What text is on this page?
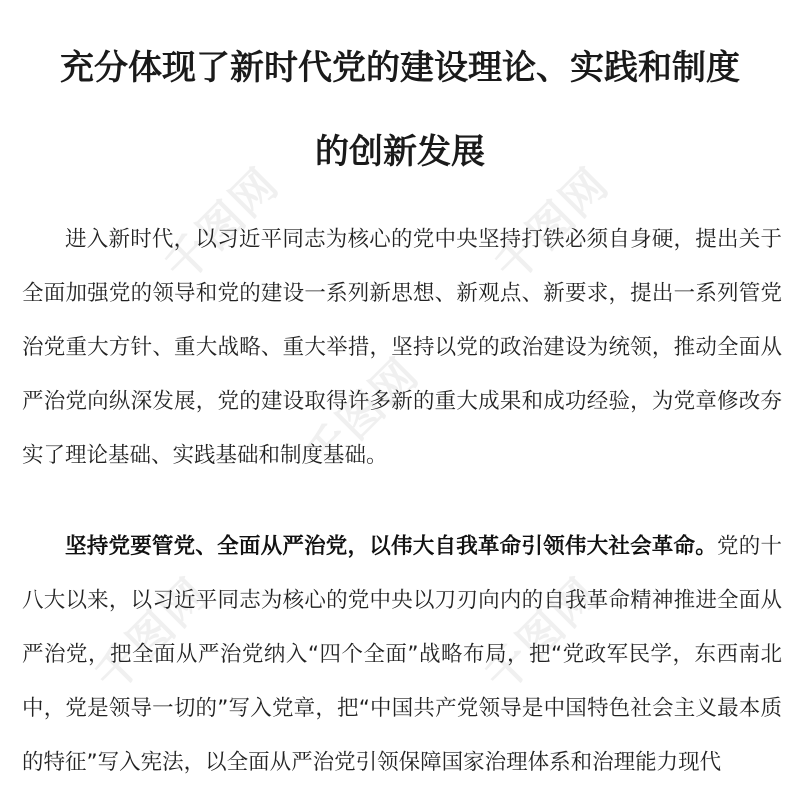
千图网	千图网
千图网
千图网	千图网
充分体现了新时代党的建设理论、实践和制度
的创新发展

进入新时代，以习近平同志为核心的党中央坚持打铁必须自身硬，提出关于全面加强党的领导和党的建设一系列新思想、新观点、新要求，提出一系列管党治党重大方针、重大战略、重大举措，坚持以党的政治建设为统领，推动全面从严治党向纵深发展，党的建设取得许多新的重大成果和成功经验，为党章修改夯实了理论基础、实践基础和制度基础。

坚持党要管党、全面从严治党，以伟大自我革命引领伟大社会革命。党的十八大以来，以习近平同志为核心的党中央以刀刃向内的自我革命精神推进全面从严治党，把全面从严治党纳入“四个全面”战略布局，把“党政军民学，东西南北中，党是领导一切的”写入党章，把“中国共产党领导是中国特色社会主义最本质的特征”写入宪法，以全面从严治党引领保障国家治理体系和治理能力现代
